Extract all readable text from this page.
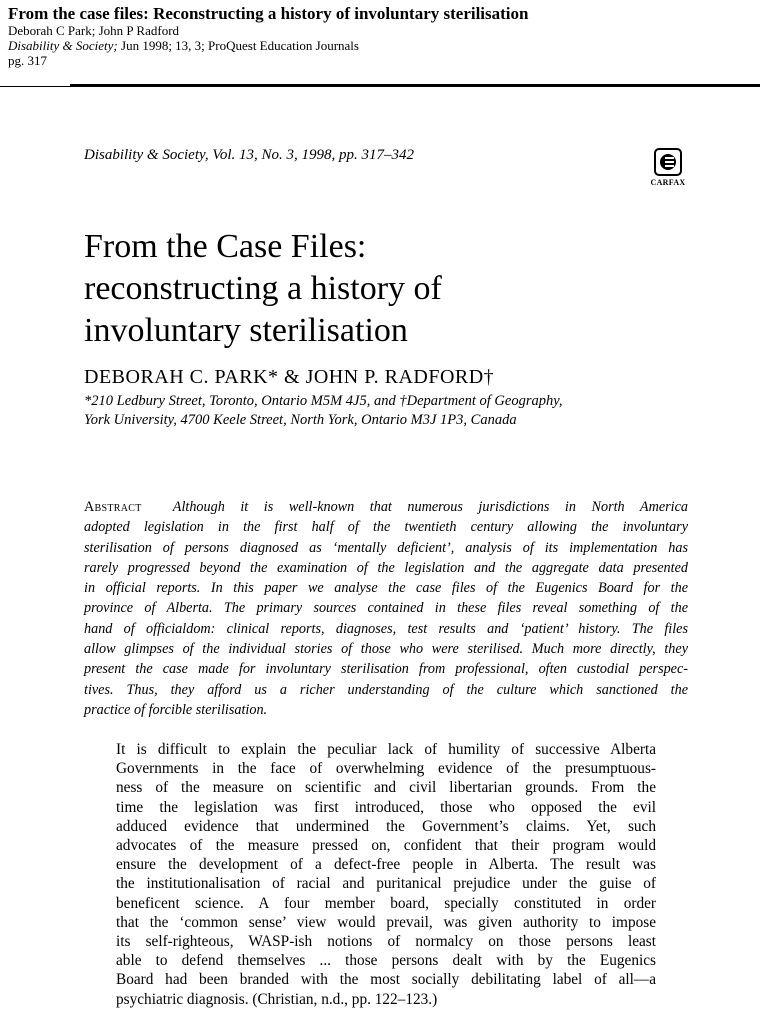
From the case files: Reconstructing a history of involuntary sterilisation
Deborah C Park; John P Radford
Disability & Society; Jun 1998; 13, 3; ProQuest Education Journals
pg. 317
Disability & Society, Vol. 13, No. 3, 1998, pp. 317–342
CARFAX
From the Case Files:
reconstructing a history of
involuntary sterilisation
DEBORAH C. PARK* & JOHN P. RADFORD†
*210 Ledbury Street, Toronto, Ontario M5M 4J5, and †Department of Geography,
York University, 4700 Keele Street, North York, Ontario M3J 1P3, Canada
Abstract Although it is well-known that numerous jurisdictions in North America
adopted legislation in the first half of the twentieth century allowing the involuntary
sterilisation of persons diagnosed as ‘mentally deficient’, analysis of its implementation has
rarely progressed beyond the examination of the legislation and the aggregate data presented
in official reports. In this paper we analyse the case files of the Eugenics Board for the
province of Alberta. The primary sources contained in these files reveal something of the
hand of officialdom: clinical reports, diagnoses, test results and ‘patient’ history. The files
allow glimpses of the individual stories of those who were sterilised. Much more directly, they
present the case made for involuntary sterilisation from professional, often custodial perspec-
tives. Thus, they afford us a richer understanding of the culture which sanctioned the
practice of forcible sterilisation.
It is difficult to explain the peculiar lack of humility of successive Alberta
Governments in the face of overwhelming evidence of the presumptuous-
ness of the measure on scientific and civil libertarian grounds. From the
time the legislation was first introduced, those who opposed the evil
adduced evidence that undermined the Government’s claims. Yet, such
advocates of the measure pressed on, confident that their program would
ensure the development of a defect-free people in Alberta. The result was
the institutionalisation of racial and puritanical prejudice under the guise of
beneficent science. A four member board, specially constituted in order
that the ‘common sense’ view would prevail, was given authority to impose
its self-righteous, WASP-ish notions of normalcy on those persons least
able to defend themselves ... those persons dealt with by the Eugenics
Board had been branded with the most socially debilitating label of all—a
psychiatric diagnosis. (Christian, n.d., pp. 122–123.)
